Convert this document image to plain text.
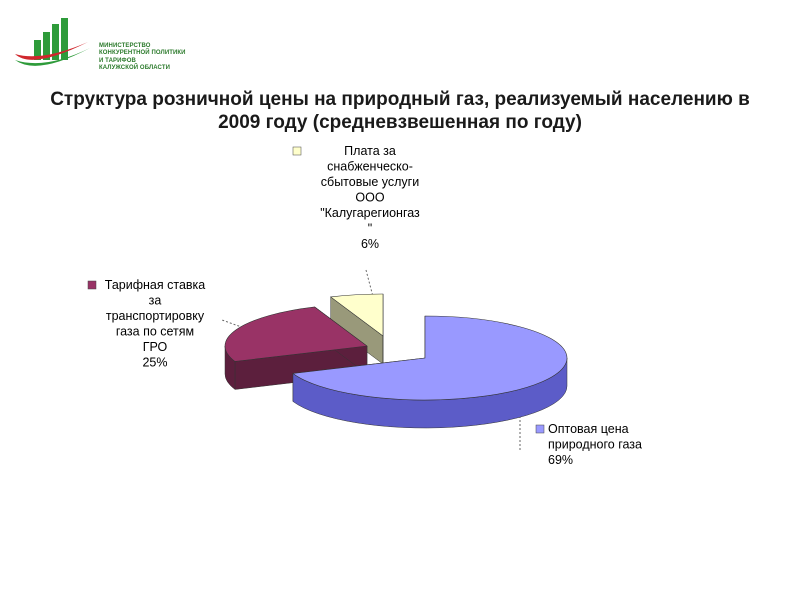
МИНИСТЕРСТВО
КОНКУРЕНТНОЙ ПОЛИТИКИ
И ТАРИФОВ
КАЛУЖСКОЙ ОБЛАСТИ
Структура розничной цены на природный газ, реализуемый населению в
2009 году (средневзвешенная по году)
Оптовая цена природного газа 69%
Тарифная ставка за транспортировку газа по сетям ГРО 25%
Плата за снабженческо-сбытовые услуги ООО "Калугарегионгаз " 6%
